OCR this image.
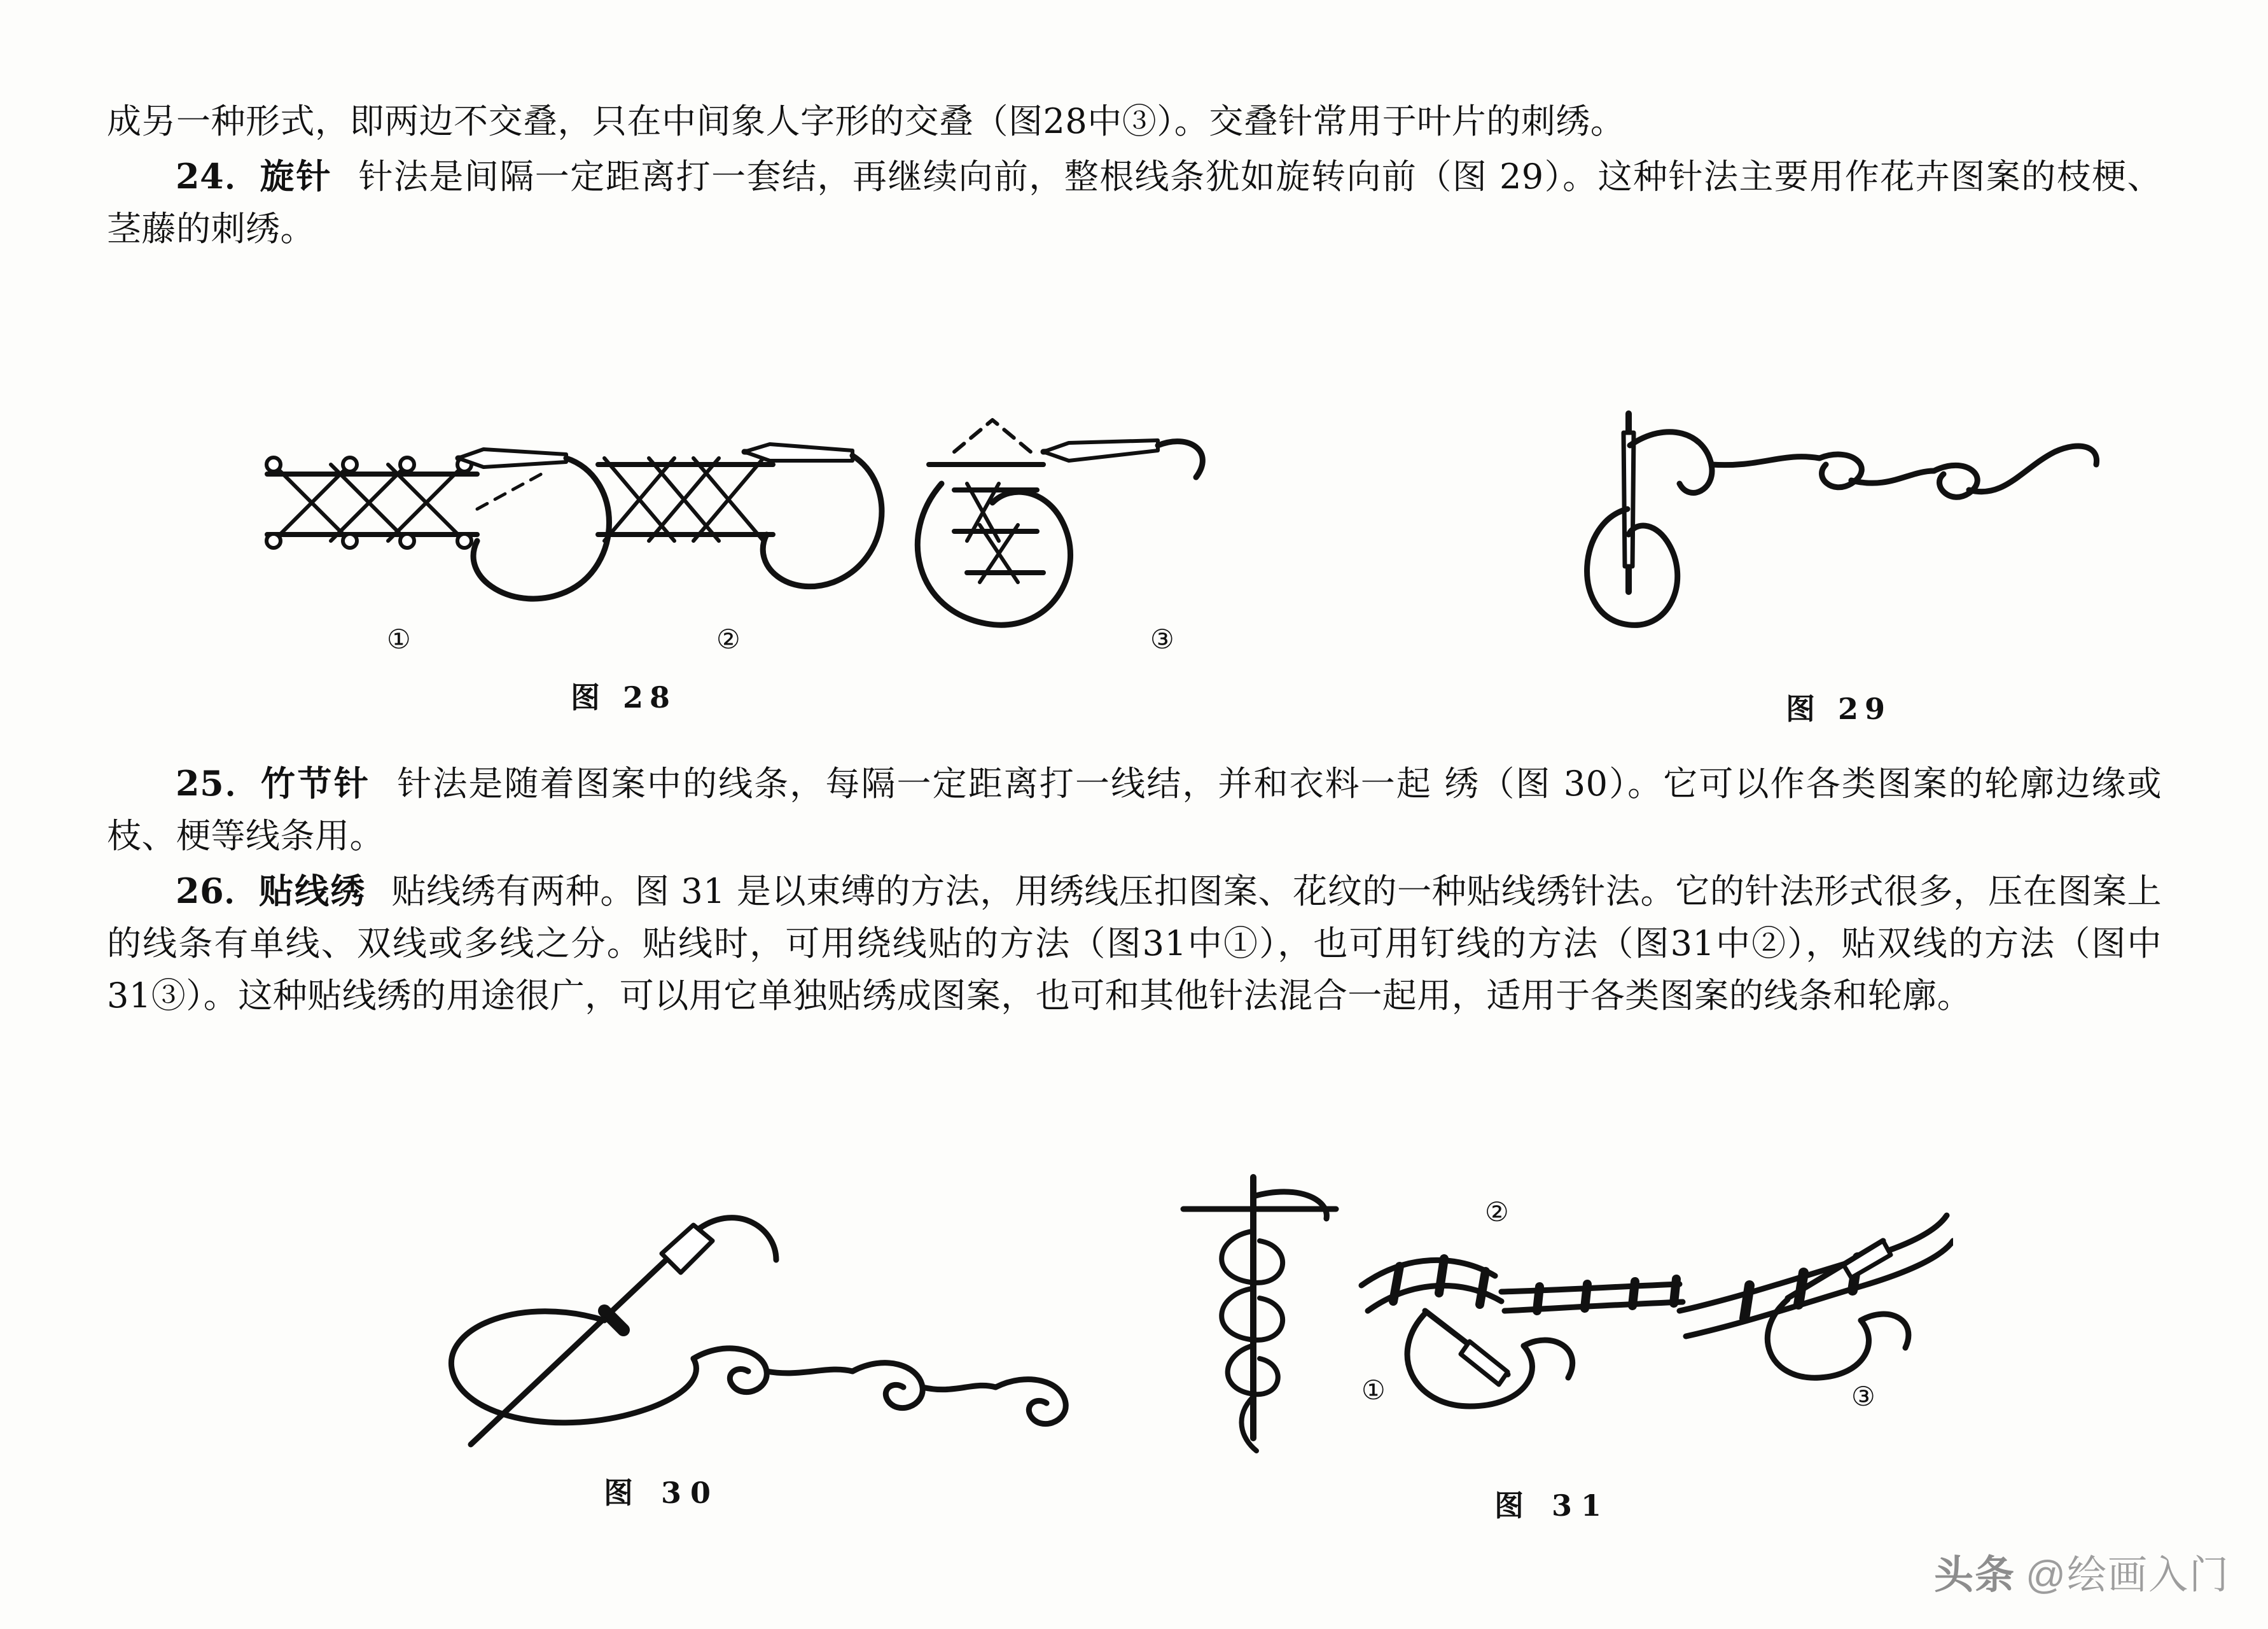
成另一种形式，即两边不交叠，只在中间象人字形的交叠（图28中③）。交叠针常用于叶片的刺绣。

24．旋针 针法是间隔一定距离打一套结，再继续向前，整根线条犹如旋转向前（图 29）。这种针法主要用作花卉图案的枝梗、茎藤的刺绣。

①	②	③
图 28	图 29

25．竹节针 针法是随着图案中的线条，每隔一定距离打一线结，并和衣料一起 绣（图 30）。它可以作各类图案的轮廓边缘或枝、梗等线条用。

26．贴线绣 贴线绣有两种。图 31 是以束缚的方法，用绣线压扣图案、花纹的一种贴线绣针法。它的针法形式很多，压在图案上的线条有单线、双线或多线之分。贴线时，可用绕线贴的方法（图31中①），也可用钉线的方法（图31中②），贴双线的方法（图中31③）。这种贴线绣的用途很广，可以用它单独贴绣成图案，也可和其他针法混合一起用，适用于各类图案的线条和轮廓。

图 30
①
②
③
图 31
头条 @绘画入门
